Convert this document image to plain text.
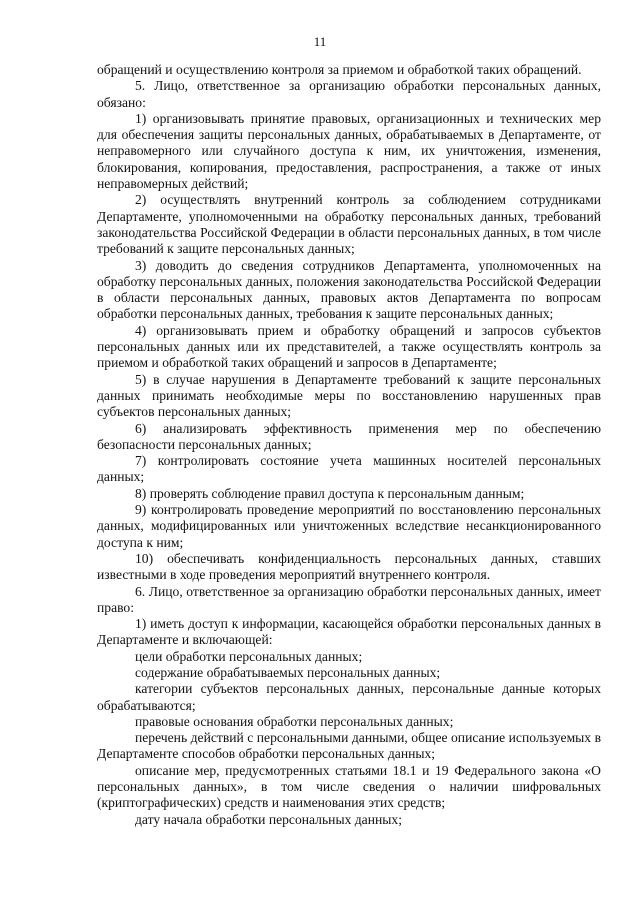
11

обращений и осуществлению контроля за приемом и обработкой таких обращений.

5. Лицо, ответственное за организацию обработки персональных данных, обязано:

1) организовывать принятие правовых, организационных и технических мер для обеспечения защиты персональных данных, обрабатываемых в Департаменте, от неправомерного или случайного доступа к ним, их уничтожения, изменения, блокирования, копирования, предоставления, распространения, а также от иных неправомерных действий;

2) осуществлять внутренний контроль за соблюдением сотрудниками Департаменте, уполномоченными на обработку персональных данных, требований законодательства Российской Федерации в области персональных данных, в том числе требований к защите персональных данных;

3) доводить до сведения сотрудников Департамента, уполномоченных на обработку персональных данных, положения законодательства Российской Федерации в области персональных данных, правовых актов Департамента по вопросам обработки персональных данных, требования к защите персональных данных;

4) организовывать прием и обработку обращений и запросов субъектов персональных данных или их представителей, а также осуществлять контроль за приемом и обработкой таких обращений и запросов в Департаменте;

5) в случае нарушения в Департаменте требований к защите персональных данных принимать необходимые меры по восстановлению нарушенных прав субъектов персональных данных;

6) анализировать эффективность применения мер по обеспечению безопасности персональных данных;

7) контролировать состояние учета машинных носителей персональных данных;

8) проверять соблюдение правил доступа к персональным данным;

9) контролировать проведение мероприятий по восстановлению персональных данных, модифицированных или уничтоженных вследствие несанкционированного доступа к ним;

10) обеспечивать конфиденциальность персональных данных, ставших известными в ходе проведения мероприятий внутреннего контроля.

6. Лицо, ответственное за организацию обработки персональных данных, имеет право:

1) иметь доступ к информации, касающейся обработки персональных данных в Департаменте и включающей:

цели обработки персональных данных;

содержание обрабатываемых персональных данных;

категории субъектов персональных данных, персональные данные которых обрабатываются;

правовые основания обработки персональных данных;

перечень действий с персональными данными, общее описание используемых в Департаменте способов обработки персональных данных;

описание мер, предусмотренных статьями 18.1 и 19 Федерального закона «О персональных данных», в том числе сведения о наличии шифровальных (криптографических) средств и наименования этих средств;

дату начала обработки персональных данных;
